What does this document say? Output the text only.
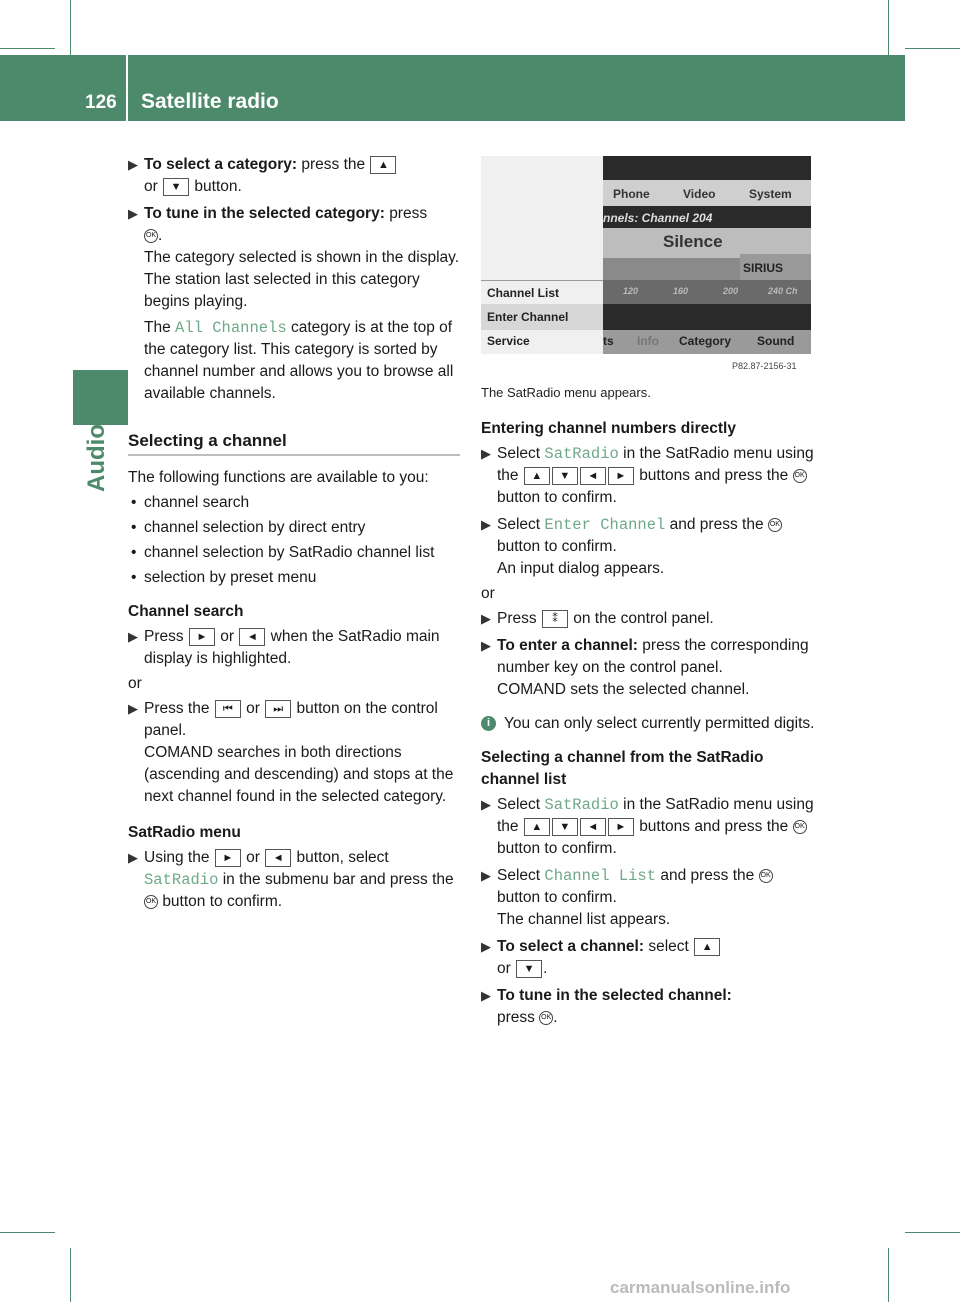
126 Satellite radio
Audio

▶ To select a category: press the ▲
or ▼ button.

▶ To tune in the selected category: press
OK .

The category selected is shown in the display. The station last selected in this category begins playing.

The All Channels category is at the top of the category list. This category is sorted by channel number and allows you to browse all available channels.

Selecting a channel

The following functions are available to you:

• channel search

• channel selection by direct entry

• channel selection by SatRadio channel list

• selection by preset menu

Channel search

▶ Press ► or ◄ when the SatRadio main display is highlighted.

or

▶ Press the ⏮ or ⏭ button on the control panel.

COMAND searches in both directions (ascending and descending) and stops at the next channel found in the selected category.

SatRadio menu

▶ Using the ► or ◄ button, select SatRadio in the submenu bar and press the OK button to confirm.

Channel List
Enter Channel
Service
Phone	Video	System
nnels: Channel 204
Silence
SIRIUS
120	160	200	240 Ch
ts Info Category Sound
P82.87-2156-31
The SatRadio menu appears.

Entering channel numbers directly

▶ Select SatRadio in the SatRadio menu using the ▲ ▼ ◄ ► buttons and press the OK button to confirm.

▶ Select Enter Channel and press the OK button to confirm.

An input dialog appears.

or

▶ Press ⁑ on the control panel.

▶ To enter a channel: press the corresponding number key on the control panel.

COMAND sets the selected channel.

i You can only select currently permitted digits.

Selecting a channel from the SatRadio channel list

▶ Select SatRadio in the SatRadio menu using the ▲ ▼ ◄ ► buttons and press the OK button to confirm.

▶ Select Channel List and press the OK button to confirm.

The channel list appears.

▶ To select a channel: select ▲
or ▼ .

▶ To tune in the selected channel:
press OK .

carmanualsonline.info
